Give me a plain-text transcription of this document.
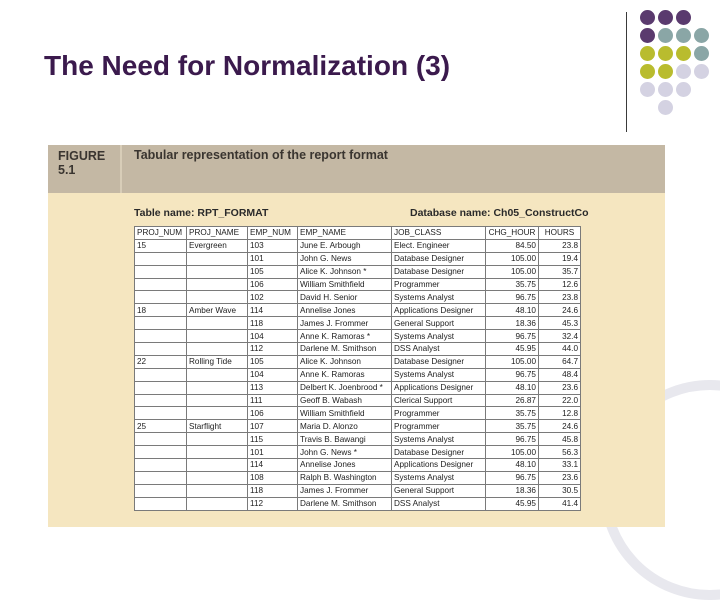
The Need for Normalization (3)
FIGURE
5.1
Tabular representation of the report format
Table name: RPT_FORMAT	Database name: Ch05_ConstructCo
PROJ_NUM	PROJ_NAME	EMP_NUM	EMP_NAME	JOB_CLASS	CHG_HOUR	HOURS
15	Evergreen	103	June E. Arbough	Elect. Engineer	84.50	23.8
		101	John G. News	Database Designer	105.00	19.4
		105	Alice K. Johnson *	Database Designer	105.00	35.7
		106	William Smithfield	Programmer	35.75	12.6
		102	David H. Senior	Systems Analyst	96.75	23.8
18	Amber Wave	114	Annelise Jones	Applications Designer	48.10	24.6
		118	James J. Frommer	General Support	18.36	45.3
		104	Anne K. Ramoras *	Systems Analyst	96.75	32.4
		112	Darlene M. Smithson	DSS Analyst	45.95	44.0
22	Rolling Tide	105	Alice K. Johnson	Database Designer	105.00	64.7
		104	Anne K. Ramoras	Systems Analyst	96.75	48.4
		113	Delbert K. Joenbrood *	Applications Designer	48.10	23.6
		111	Geoff B. Wabash	Clerical Support	26.87	22.0
		106	William Smithfield	Programmer	35.75	12.8
25	Starflight	107	Maria D. Alonzo	Programmer	35.75	24.6
		115	Travis B. Bawangi	Systems Analyst	96.75	45.8
		101	John G. News *	Database Designer	105.00	56.3
		114	Annelise Jones	Applications Designer	48.10	33.1
		108	Ralph B. Washington	Systems Analyst	96.75	23.6
		118	James J. Frommer	General Support	18.36	30.5
		112	Darlene M. Smithson	DSS Analyst	45.95	41.4
